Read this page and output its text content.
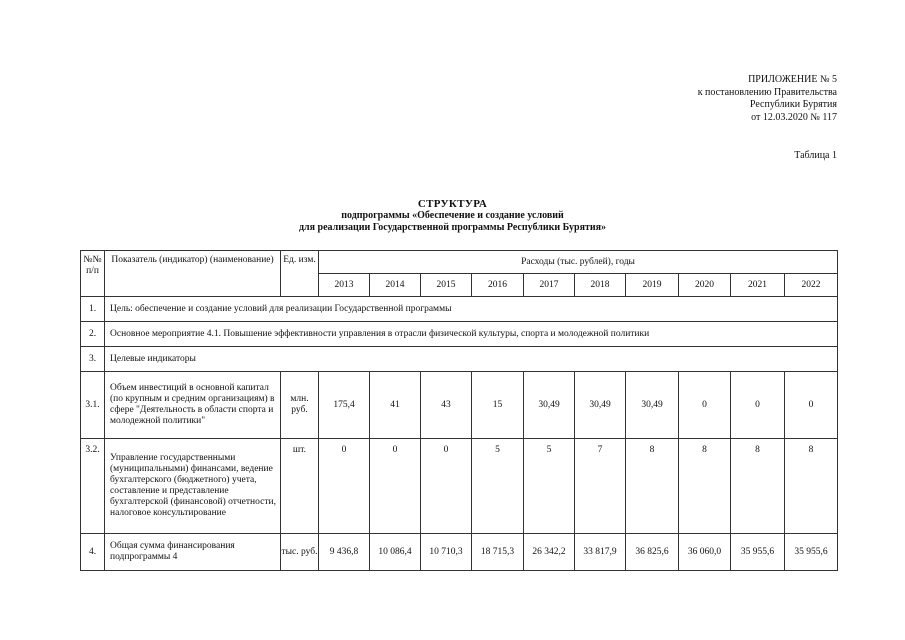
ПРИЛОЖЕНИЕ № 5
к постановлению Правительства
Республики Бурятия
от 12.03.2020 № 117
Таблица 1
СТРУКТУРА
подпрограммы «Обеспечение и создание условий
для реализации Государственной программы Республики Бурятия»
№№ п/п	Показатель (индикатор) (наименование)	Ед. изм.	Расходы (тыс. рублей), годы									
			2013	2014	2015	2016	2017	2018	2019	2020	2021	2022
1.	Цель: обеспечение и создание условий для реализации Государственной программы											
2.	Основное мероприятие 4.1. Повышение эффективности управления в отрасли физической культуры, спорта и молодежной политики											
3.	Целевые индикаторы											
3.1.	Объем инвестиций в основной капитал (по крупным и средним организациям) в сфере "Деятельность в области спорта и молодежной политики"	млн. руб.	175,4	41	43	15	30,49	30,49	30,49	0	0	0
3.2.	Управление государственными (муниципальными) финансами, ведение бухгалтерского (бюджетного) учета, составление и представление бухгалтерской (финансовой) отчетности, налоговое консультирование	шт.	0	0	0	5	5	7	8	8	8	8
4.	Общая сумма финансирования подпрограммы 4	тыс. руб.	9 436,8	10 086,4	10 710,3	18 715,3	26 342,2	33 817,9	36 825,6	36 060,0	35 955,6	35 955,6
